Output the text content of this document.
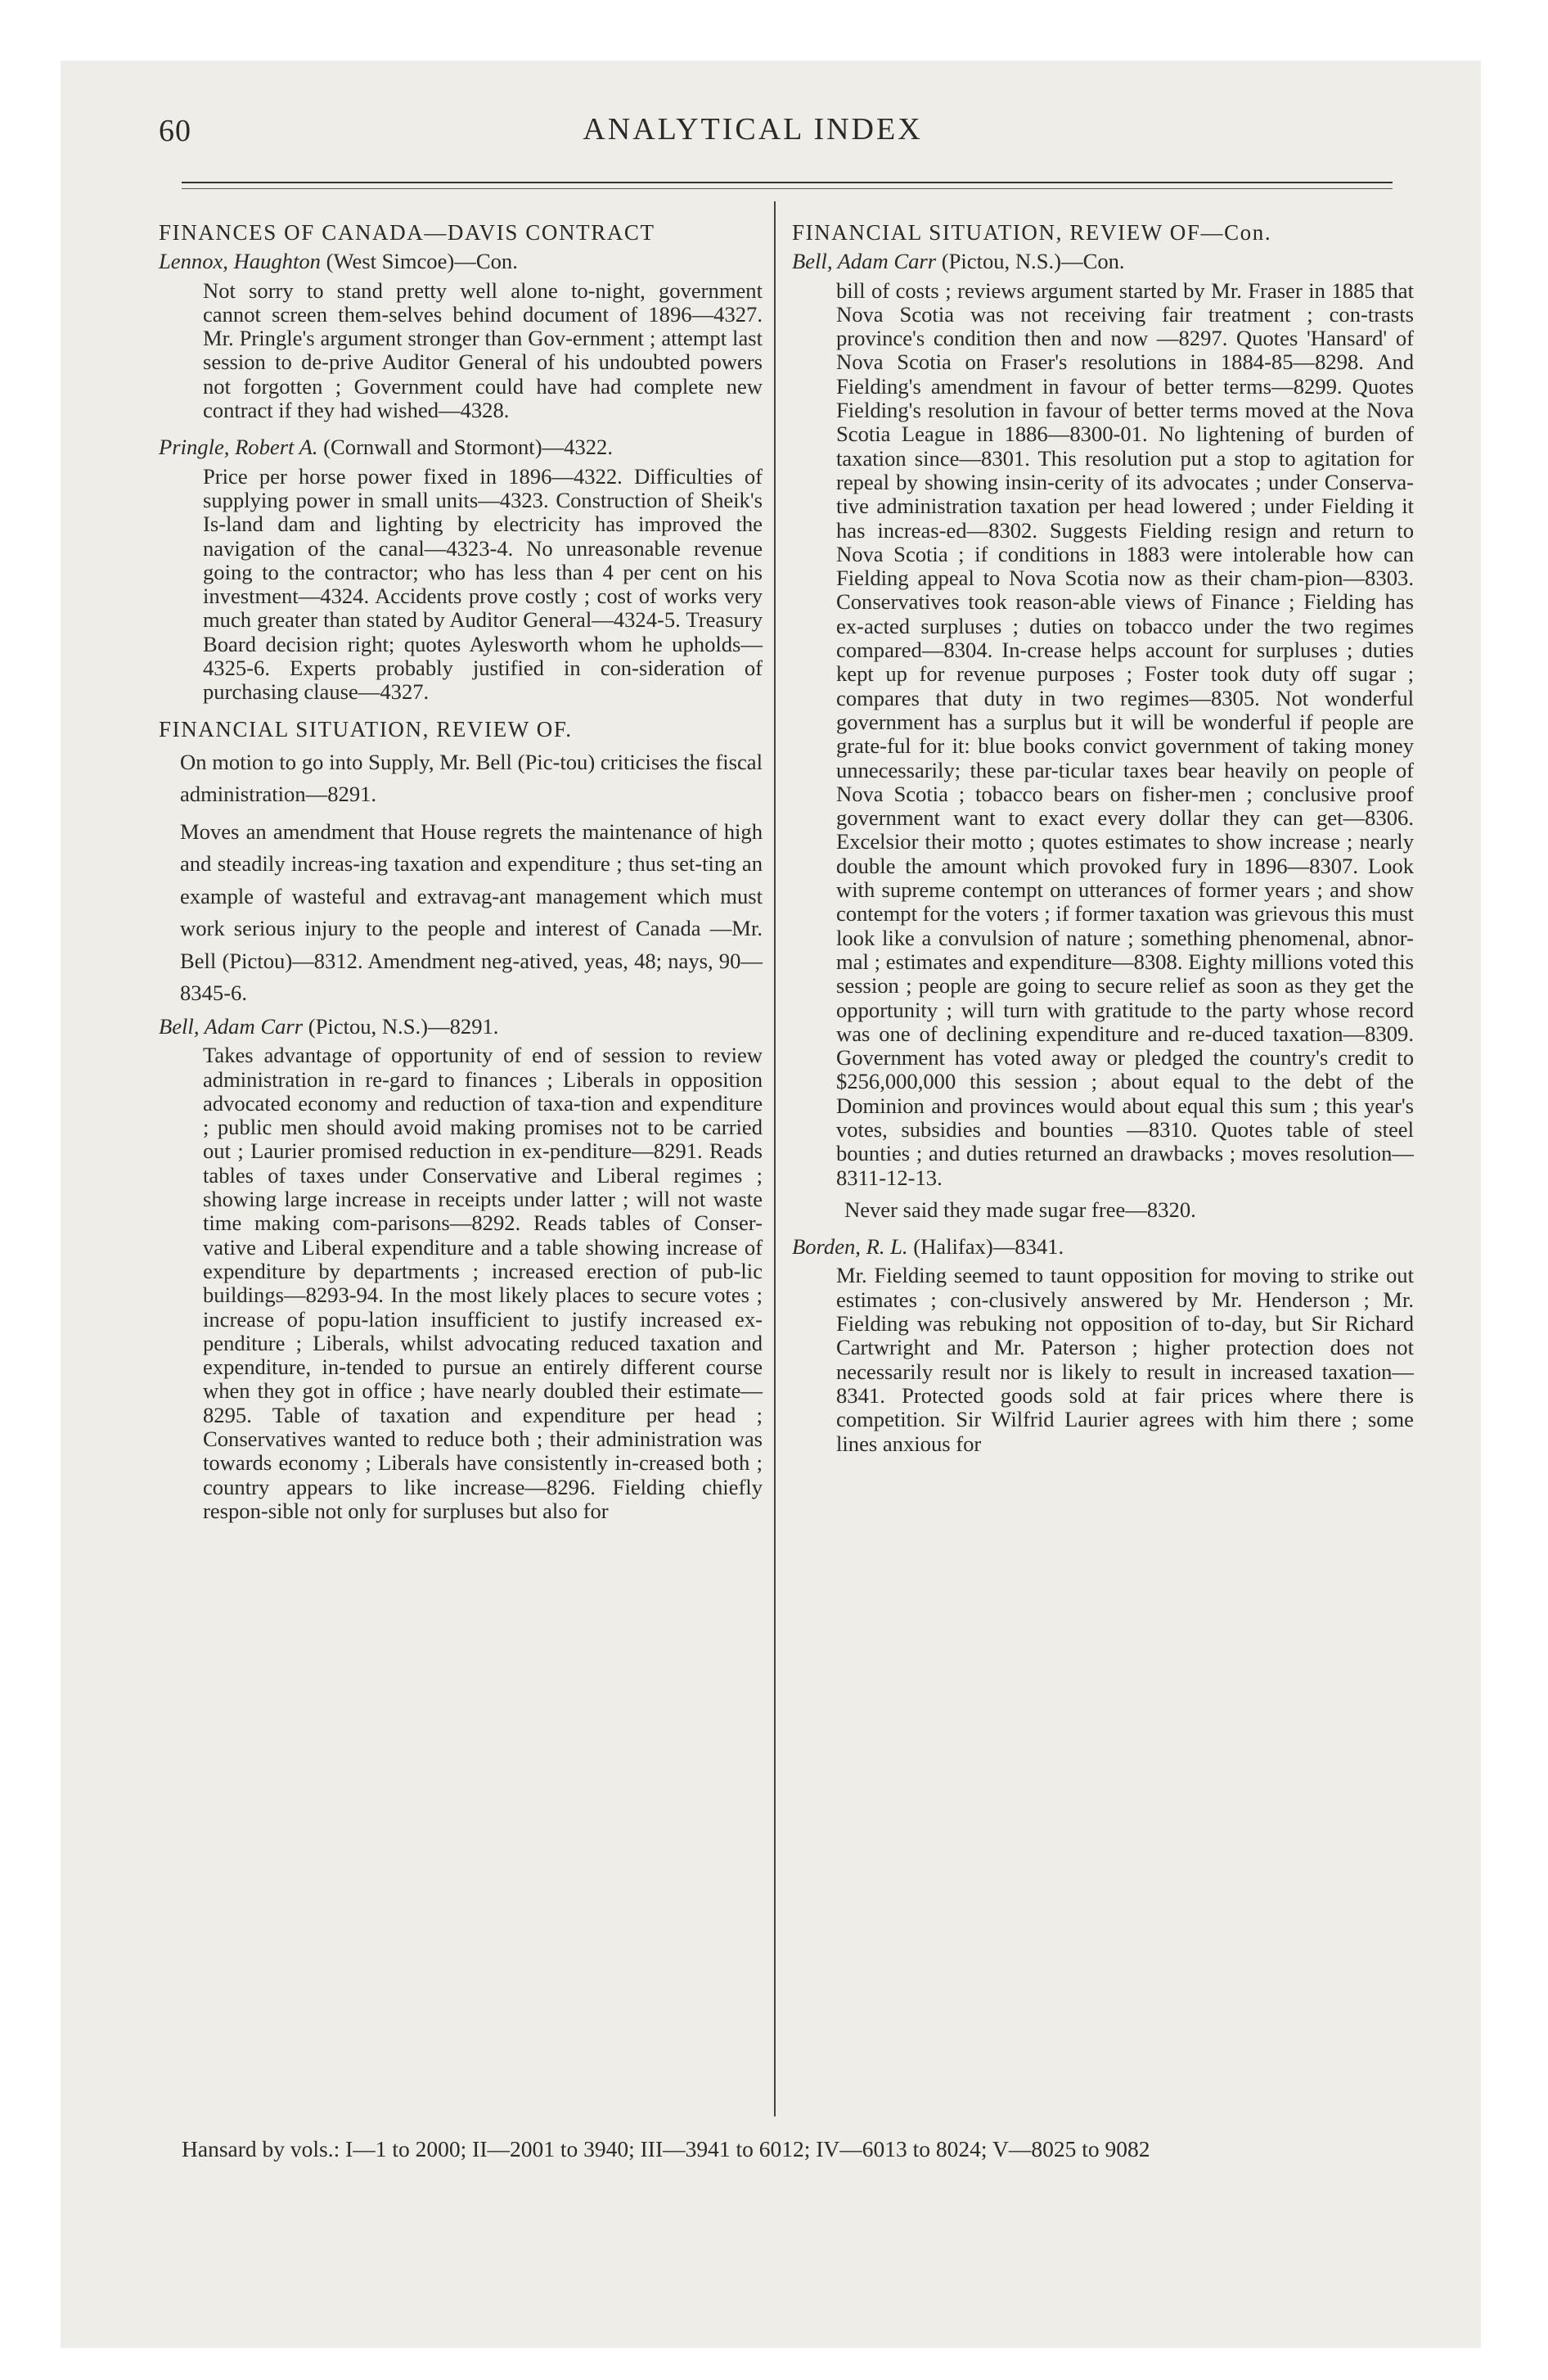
60	ANALYTICAL INDEX
FINANCES OF CANADA—DAVIS CONTRACT
Lennox, Haughton (West Simcoe)—Con.
Not sorry to stand pretty well alone to-night, government cannot screen them-selves behind document of 1896—4327. Mr. Pringle's argument stronger than Gov-ernment ; attempt last session to de-prive Auditor General of his undoubted powers not forgotten ; Government could have had complete new contract if they had wished—4328.
Pringle, Robert A. (Cornwall and Stormont)—4322.
Price per horse power fixed in 1896—4322. Difficulties of supplying power in small units—4323. Construction of Sheik's Is-land dam and lighting by electricity has improved the navigation of the canal—4323-4. No unreasonable revenue going to the contractor; who has less than 4 per cent on his investment—4324. Accidents prove costly ; cost of works very much greater than stated by Auditor General—4324-5. Treasury Board decision right; quotes Aylesworth whom he upholds—4325-6. Experts probably justified in con-sideration of purchasing clause—4327.
FINANCIAL SITUATION, REVIEW OF.
On motion to go into Supply, Mr. Bell (Pic-tou) criticises the fiscal administration—8291.
Moves an amendment that House regrets the maintenance of high and steadily increas-ing taxation and expenditure ; thus set-ting an example of wasteful and extravag-ant management which must work serious injury to the people and interest of Canada —Mr. Bell (Pictou)—8312. Amendment neg-atived, yeas, 48; nays, 90—8345-6.
Bell, Adam Carr (Pictou, N.S.)—8291.
Takes advantage of opportunity of end of session to review administration in re-gard to finances ; Liberals in opposition advocated economy and reduction of taxa-tion and expenditure ; public men should avoid making promises not to be carried out ; Laurier promised reduction in ex-penditure—8291. Reads tables of taxes under Conservative and Liberal regimes ; showing large increase in receipts under latter ; will not waste time making com-parisons—8292. Reads tables of Conser-vative and Liberal expenditure and a table showing increase of expenditure by departments ; increased erection of pub-lic buildings—8293-94. In the most likely places to secure votes ; increase of popu-lation insufficient to justify increased ex-penditure ; Liberals, whilst advocating reduced taxation and expenditure, in-tended to pursue an entirely different course when they got in office ; have nearly doubled their estimate—8295. Table of taxation and expenditure per head ; Conservatives wanted to reduce both ; their administration was towards economy ; Liberals have consistently in-creased both ; country appears to like increase—8296. Fielding chiefly respon-sible not only for surpluses but also for
FINANCIAL SITUATION, REVIEW OF—Con.
Bell, Adam Carr (Pictou, N.S.)—Con.
bill of costs ; reviews argument started by Mr. Fraser in 1885 that Nova Scotia was not receiving fair treatment ; con-trasts province's condition then and now —8297. Quotes 'Hansard' of Nova Scotia on Fraser's resolutions in 1884-85—8298. And Fielding's amendment in favour of better terms—8299. Quotes Fielding's resolution in favour of better terms moved at the Nova Scotia League in 1886—8300-01. No lightening of burden of taxation since—8301. This resolution put a stop to agitation for repeal by showing insin-cerity of its advocates ; under Conserva-tive administration taxation per head lowered ; under Fielding it has increas-ed—8302. Suggests Fielding resign and return to Nova Scotia ; if conditions in 1883 were intolerable how can Fielding appeal to Nova Scotia now as their cham-pion—8303. Conservatives took reason-able views of Finance ; Fielding has ex-acted surpluses ; duties on tobacco under the two regimes compared—8304. In-crease helps account for surpluses ; duties kept up for revenue purposes ; Foster took duty off sugar ; compares that duty in two regimes—8305. Not wonderful government has a surplus but it will be wonderful if people are grate-ful for it: blue books convict government of taking money unnecessarily; these par-ticular taxes bear heavily on people of Nova Scotia ; tobacco bears on fisher-men ; conclusive proof government want to exact every dollar they can get—8306. Excelsior their motto ; quotes estimates to show increase ; nearly double the amount which provoked fury in 1896—8307. Look with supreme contempt on utterances of former years ; and show contempt for the voters ; if former taxation was grievous this must look like a convulsion of nature ; something phenomenal, abnor-mal ; estimates and expenditure—8308. Eighty millions voted this session ; people are going to secure relief as soon as they get the opportunity ; will turn with gratitude to the party whose record was one of declining expenditure and re-duced taxation—8309. Government has voted away or pledged the country's credit to $256,000,000 this session ; about equal to the debt of the Dominion and provinces would about equal this sum ; this year's votes, subsidies and bounties —8310. Quotes table of steel bounties ; and duties returned an drawbacks ; moves resolution—8311-12-13.
Never said they made sugar free—8320.
Borden, R. L. (Halifax)—8341.
Mr. Fielding seemed to taunt opposition for moving to strike out estimates ; con-clusively answered by Mr. Henderson ; Mr. Fielding was rebuking not opposition of to-day, but Sir Richard Cartwright and Mr. Paterson ; higher protection does not necessarily result nor is likely to result in increased taxation—8341. Protected goods sold at fair prices where there is competition. Sir Wilfrid Laurier agrees with him there ; some lines anxious for
Hansard by vols.: I—1 to 2000; II—2001 to 3940; III—3941 to 6012; IV—6013 to 8024; V—8025 to 9082
